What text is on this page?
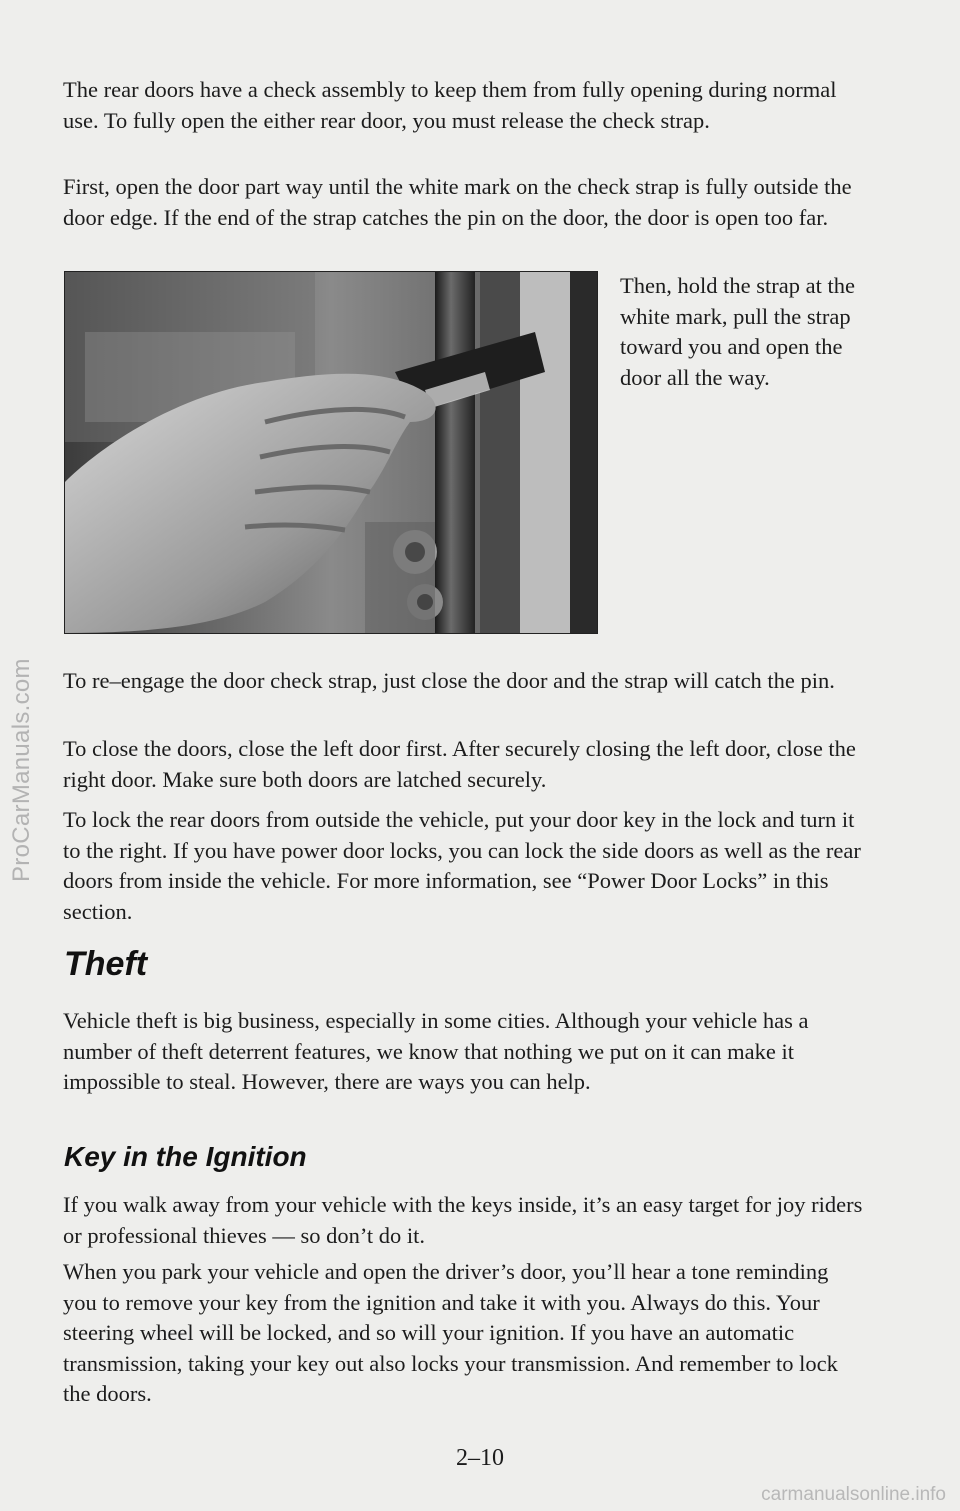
The rear doors have a check assembly to keep them from fully opening during normal use. To fully open the either rear door, you must release the check strap.

First, open the door part way until the white mark on the check strap is fully outside the door edge. If the end of the strap catches the pin on the door, the door is open too far.

Then, hold the strap at the white mark, pull the strap toward you and open the door all the way.

To re–engage the door check strap, just close the door and the strap will catch the pin.

To close the doors, close the left door first. After securely closing the left door, close the right door. Make sure both doors are latched securely.

To lock the rear doors from outside the vehicle, put your door key in the lock and turn it to the right. If you have power door locks, you can lock the side doors as well as the rear doors from inside the vehicle. For more information, see “Power Door Locks” in this section.

Theft

Vehicle theft is big business, especially in some cities. Although your vehicle has a number of theft deterrent features, we know that nothing we put on it can make it impossible to steal. However, there are ways you can help.

Key in the Ignition

If you walk away from your vehicle with the keys inside, it’s an easy target for joy riders or professional thieves — so don’t do it.

When you park your vehicle and open the driver’s door, you’ll hear a tone reminding you to remove your key from the ignition and take it with you. Always do this. Your steering wheel will be locked, and so will your ignition. If you have an automatic transmission, taking your key out also locks your transmission. And remember to lock the doors.

2–10

ProCarManuals.com
carmanualsonline.info
